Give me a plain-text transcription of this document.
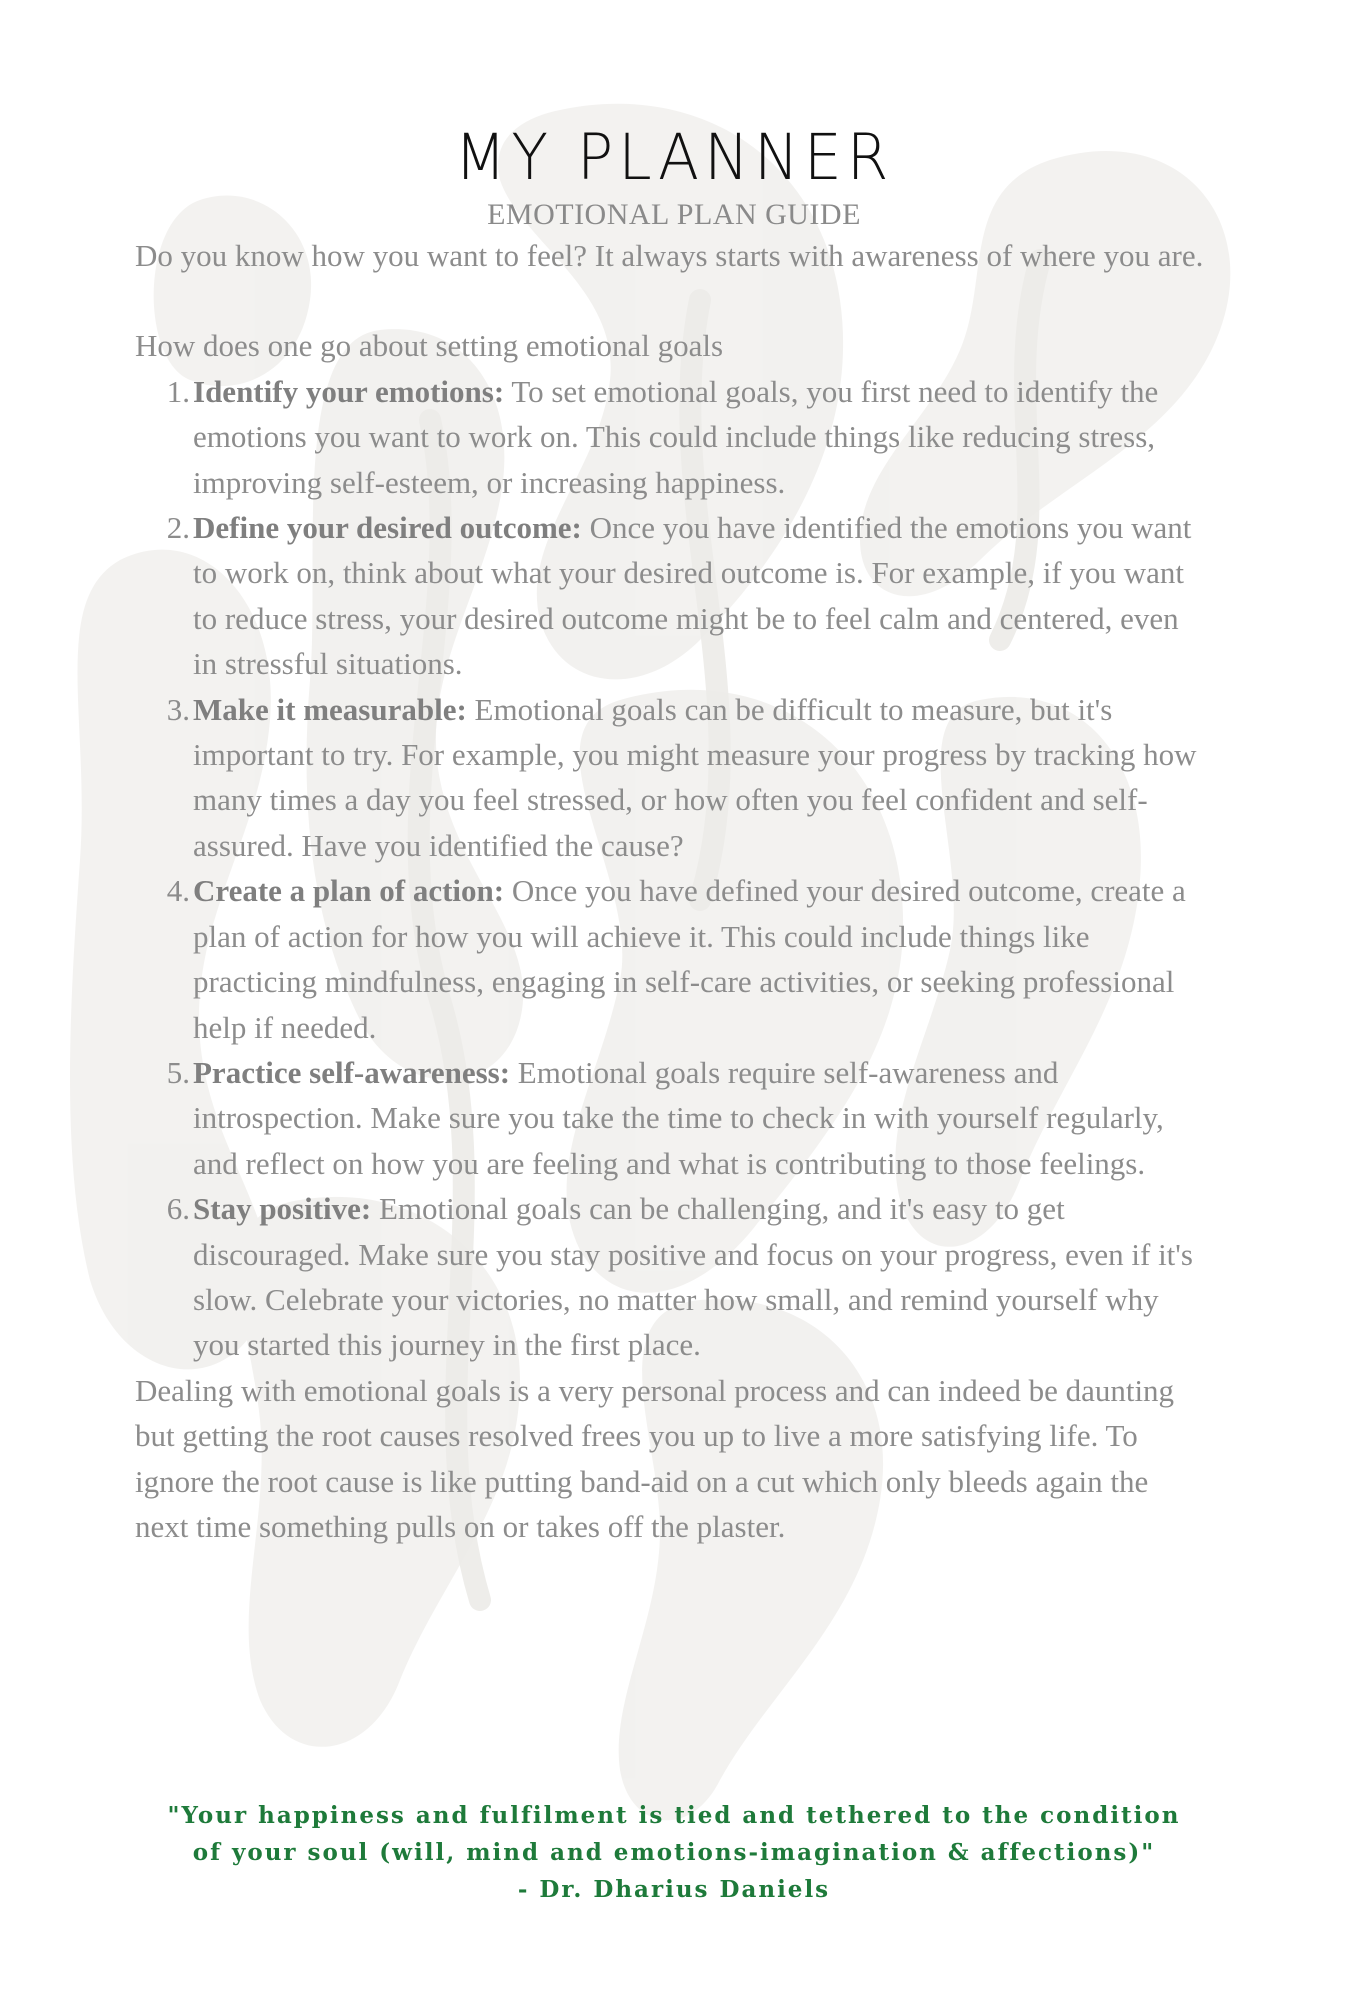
MY PLANNER
EMOTIONAL PLAN GUIDE

Do you know how you want to feel? It always starts with awareness of where you are.

How does one go about setting emotional goals

1. Identify your emotions: To set emotional goals, you first need to identify the emotions you want to work on. This could include things like reducing stress, improving self-esteem, or increasing happiness.
2. Define your desired outcome: Once you have identified the emotions you want to work on, think about what your desired outcome is. For example, if you want to reduce stress, your desired outcome might be to feel calm and centered, even in stressful situations.
3. Make it measurable: Emotional goals can be difficult to measure, but it's important to try. For example, you might measure your progress by tracking how many times a day you feel stressed, or how often you feel confident and self-assured. Have you identified the cause?
4. Create a plan of action: Once you have defined your desired outcome, create a plan of action for how you will achieve it. This could include things like practicing mindfulness, engaging in self-care activities, or seeking professional help if needed.
5. Practice self-awareness: Emotional goals require self-awareness and introspection. Make sure you take the time to check in with yourself regularly, and reflect on how you are feeling and what is contributing to those feelings.
6. Stay positive: Emotional goals can be challenging, and it's easy to get discouraged. Make sure you stay positive and focus on your progress, even if it's slow. Celebrate your victories, no matter how small, and remind yourself why you started this journey in the first place.

Dealing with emotional goals is a very personal process and can indeed be daunting but getting the root causes resolved frees you up to live a more satisfying life. To ignore the root cause is like putting band-aid on a cut which only bleeds again the next time something pulls on or takes off the plaster.

"Your happiness and fulfilment is tied and tethered to the condition
of your soul (will, mind and emotions-imagination & affections)"
- Dr. Dharius Daniels
